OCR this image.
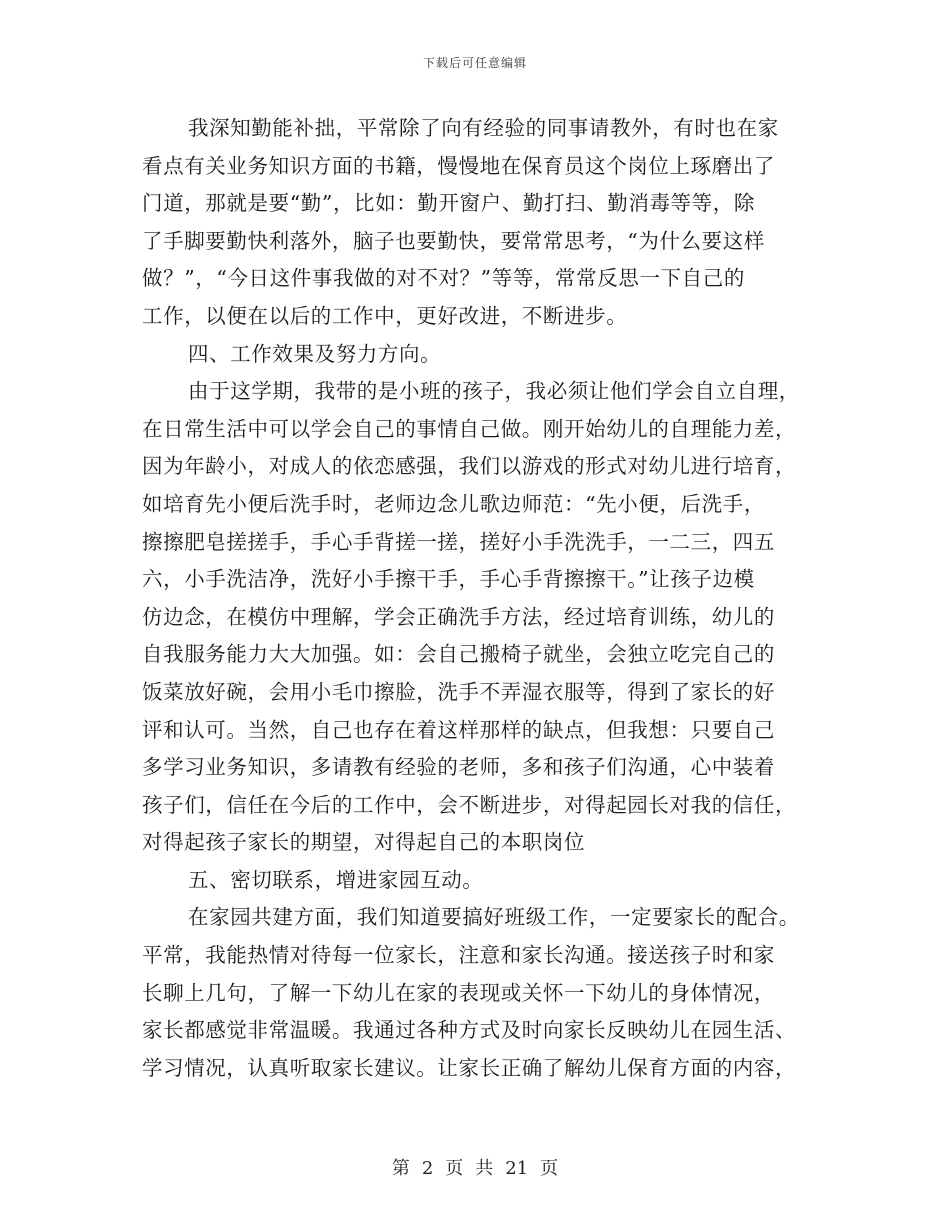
下载后可任意编辑
我深知勤能补拙，平常除了向有经验的同事请教外，有时也在家
看点有关业务知识方面的书籍，慢慢地在保育员这个岗位上琢磨出了
门道，那就是要“勤”，比如：勤开窗户、勤打扫、勤消毒等等，除
了手脚要勤快利落外，脑子也要勤快，要常常思考，“为什么要这样
做？”，“今日这件事我做的对不对？”等等，常常反思一下自己的
工作，以便在以后的工作中，更好改进，不断进步。
四、工作效果及努力方向。
由于这学期，我带的是小班的孩子，我必须让他们学会自立自理，
在日常生活中可以学会自己的事情自己做。刚开始幼儿的自理能力差，
因为年龄小，对成人的依恋感强，我们以游戏的形式对幼儿进行培育，
如培育先小便后洗手时，老师边念儿歌边师范：“先小便，后洗手，
擦擦肥皂搓搓手，手心手背搓一搓，搓好小手洗洗手，一二三，四五
六，小手洗洁净，洗好小手擦干手，手心手背擦擦干。”让孩子边模
仿边念，在模仿中理解，学会正确洗手方法，经过培育训练，幼儿的
自我服务能力大大加强。如：会自己搬椅子就坐，会独立吃完自己的
饭菜放好碗，会用小毛巾擦脸，洗手不弄湿衣服等，得到了家长的好
评和认可。当然，自己也存在着这样那样的缺点，但我想：只要自己
多学习业务知识，多请教有经验的老师，多和孩子们沟通，心中装着
孩子们，信任在今后的工作中，会不断进步，对得起园长对我的信任，
对得起孩子家长的期望，对得起自己的本职岗位
五、密切联系，增进家园互动。
在家园共建方面，我们知道要搞好班级工作，一定要家长的配合。
平常，我能热情对待每一位家长，注意和家长沟通。接送孩子时和家
长聊上几句，了解一下幼儿在家的表现或关怀一下幼儿的身体情况，
家长都感觉非常温暖。我通过各种方式及时向家长反映幼儿在园生活、
学习情况，认真听取家长建议。让家长正确了解幼儿保育方面的内容，
第 2 页 共 21 页
